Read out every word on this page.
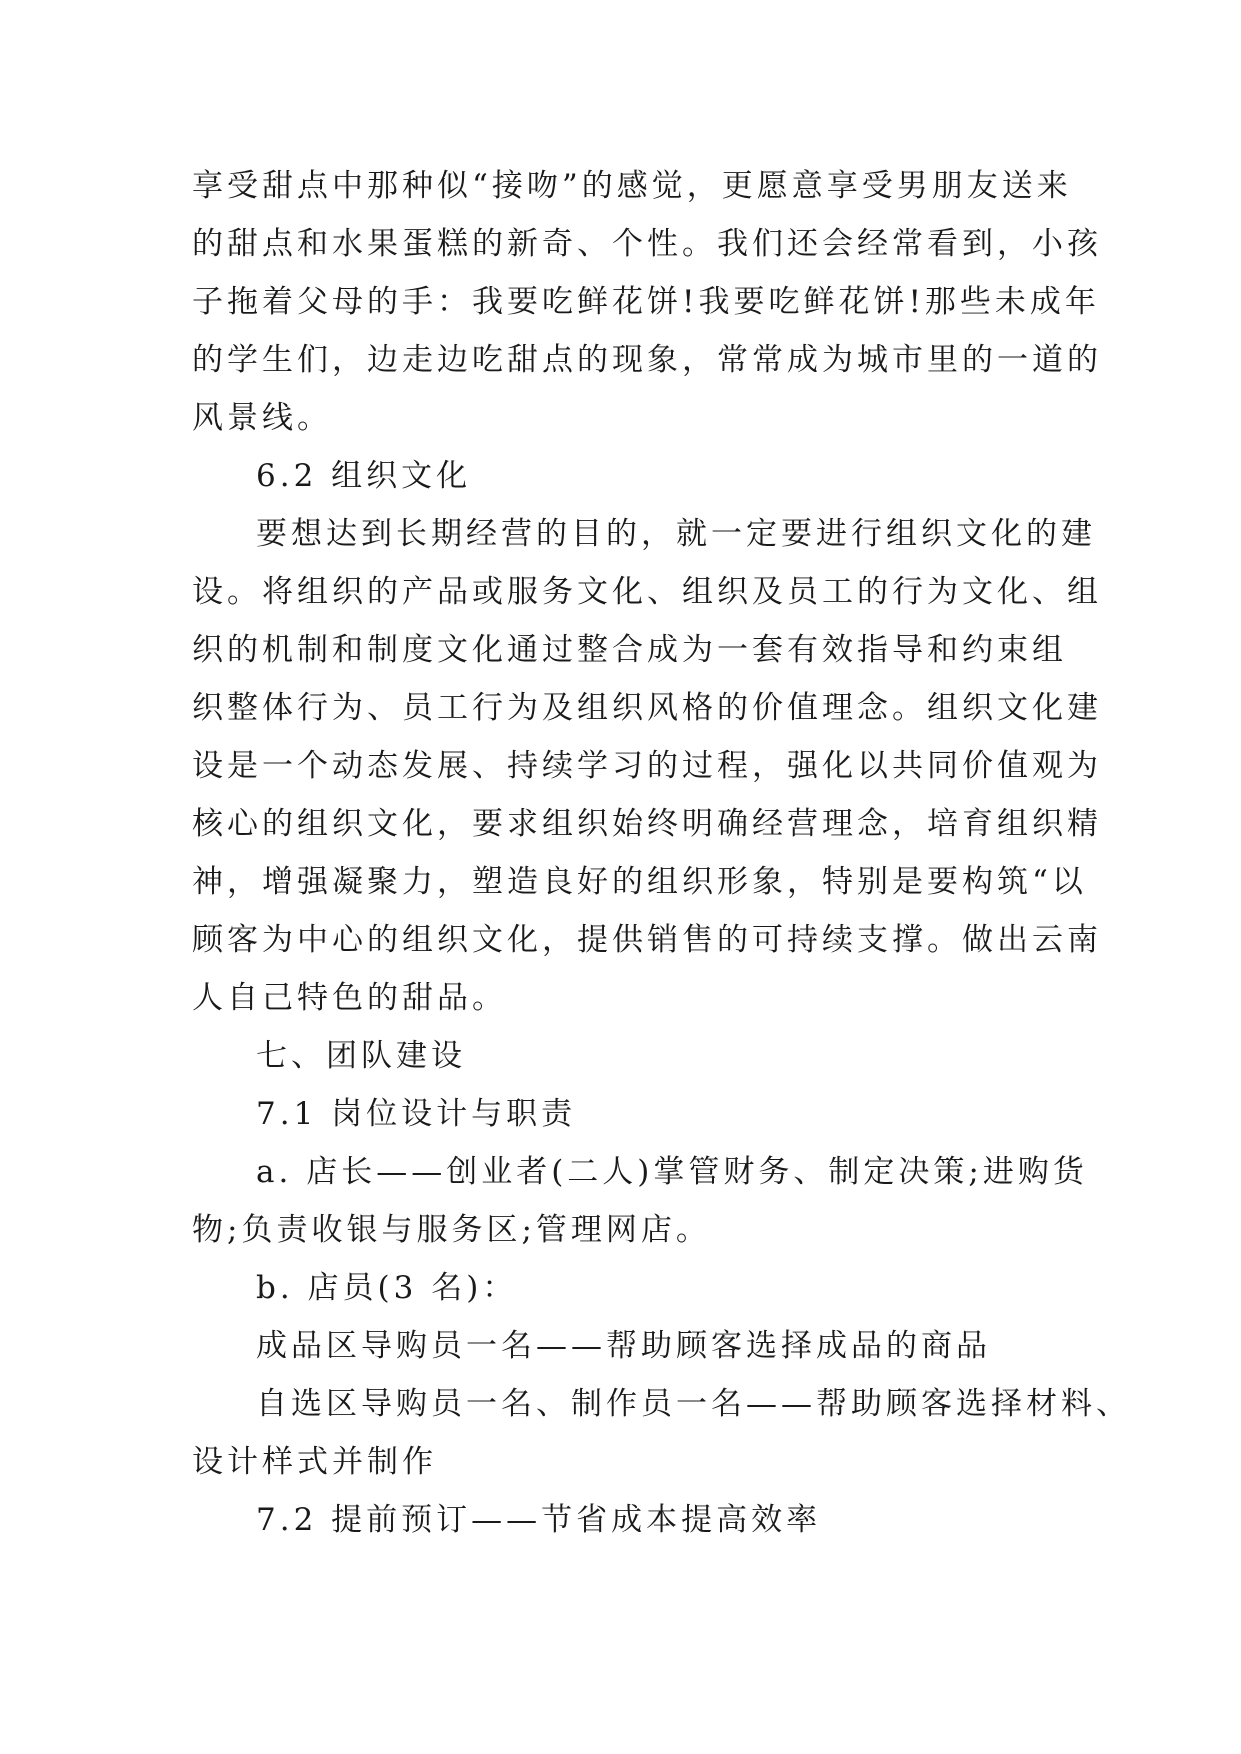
享受甜点中那种似“接吻”的感觉，更愿意享受男朋友送来
的甜点和水果蛋糕的新奇、个性。我们还会经常看到，小孩
子拖着父母的手：我要吃鲜花饼!我要吃鲜花饼!那些未成年
的学生们，边走边吃甜点的现象，常常成为城市里的一道的
风景线。
6.2 组织文化
要想达到长期经营的目的，就一定要进行组织文化的建
设。将组织的产品或服务文化、组织及员工的行为文化、组
织的机制和制度文化通过整合成为一套有效指导和约束组
织整体行为、员工行为及组织风格的价值理念。组织文化建
设是一个动态发展、持续学习的过程，强化以共同价值观为
核心的组织文化，要求组织始终明确经营理念，培育组织精
神，增强凝聚力，塑造良好的组织形象，特别是要构筑“以
顾客为中心的组织文化，提供销售的可持续支撑。做出云南
人自己特色的甜品。
七、团队建设
7.1 岗位设计与职责
a. 店长——创业者(二人)掌管财务、制定决策;进购货
物;负责收银与服务区;管理网店。
b. 店员(3 名)：
成品区导购员一名——帮助顾客选择成品的商品
自选区导购员一名、制作员一名——帮助顾客选择材料、
设计样式并制作
7.2 提前预订——节省成本提高效率
